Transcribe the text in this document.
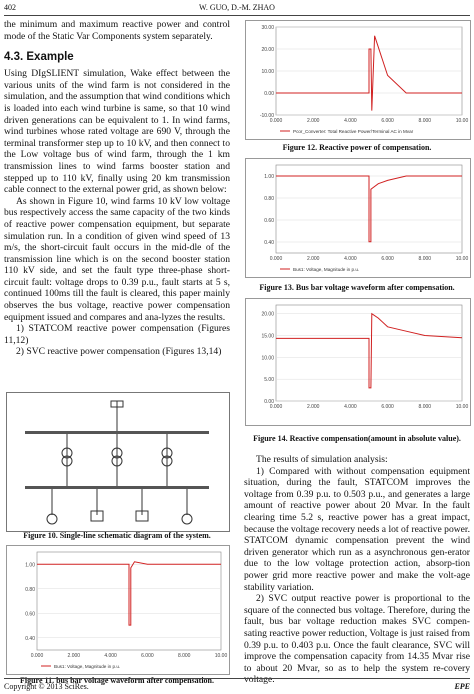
402	W. GUO, D.-M. ZHAO

the minimum and maximum reactive power and control mode of the Static Var Components system separately.

4.3. Example

Using DIgSLIENT simulation, Wake effect between the various units of the wind farm is not considered in the simulation, and the assumption that wind conditions which is loaded into each wind turbine is same, so that 10 wind driven generations can be equivalent to 1. In wind farms, wind turbines whose rated voltage are 690 V, through the terminal transformer step up to 10 kV, and then connect to the Low voltage bus of wind farm, through the 1 km transmission lines to wind farms booster station and stepped up to 110 kV, finally using 20 km transmission cable connect to the external power grid, as shown below:

As shown in Figure 10, wind farms 10 kV low voltage bus respectively access the same capacity of the two kinds of reactive power compensation equipment, but separate simulation run. In a condition of given wind speed of 13 m/s, the short-circuit fault occurs in the mid-dle of the transmission line which is on the second booster station 110 kV side, and set the fault type three-phase short-circuit fault: voltage drops to 0.39 p.u., fault starts at 5 s, continued 100ms till the fault is cleared, this paper mainly observes the bus voltage, reactive power compensation equipment issued and compares and ana-lyzes the results.

1) STATCOM reactive power compensation (Figures 11,12)

2) SVC reactive power compensation (Figures 13,14)

Figure 10. Single-line schematic diagram of the system.
1.00
0.80
0.60
0.40
0.000	2.000	4.000	6.000	8.000	10.00
Bus1: Voltage, Magnitude in p.u.
Figure 11. bus bar voltage waveform after compensation.
30.00
20.00
10.00
0.00
-10.00
0.000	2.000	4.000	6.000	8.000	10.00
Pcor_Converter: Total Reactive Power/Terminal AC in Mvar
Figure 12. Reactive power of compensation.
1.00
0.80
0.60
0.40
0.000	2.000	4.000	6.000	8.000	10.00
Bus1: Voltage, Magnitude in p.u.
Figure 13. Bus bar voltage waveform after compensation.
20.00
15.00
10.00
5.00
0.00
0.000	2.000	4.000	6.000	8.000	10.00
Figure 14. Reactive compensation(amount in absolute value).

The results of simulation analysis:

1) Compared with without compensation equipment situation, during the fault, STATCOM improves the voltage from 0.39 p.u. to 0.503 p.u., and generates a large amount of reactive power about 20 Mvar. In the fault clearing time 5.2 s, reactive power has a great impact, because the voltage recovery needs a lot of reactive power. STATCOM dynamic compensation prevent the wind driven generator which run as a asynchronous gen-erator due to the low voltage protection action, absorp-tion power grid more reactive power and make the volt-age stability variation.

2) SVC output reactive power is proportional to the square of the connected bus voltage. Therefore, during the fault, bus bar voltage reduction makes SVC compen-sating reactive power reduction, Voltage is just raised from 0.39 p.u. to 0.403 p.u. Once the fault clearance, SVC will improve the compensation capacity from 14.35 Mvar rise to about 20 Mvar, so as to help the system re-covery voltage.

Copyright © 2013 SciRes.	EPE
